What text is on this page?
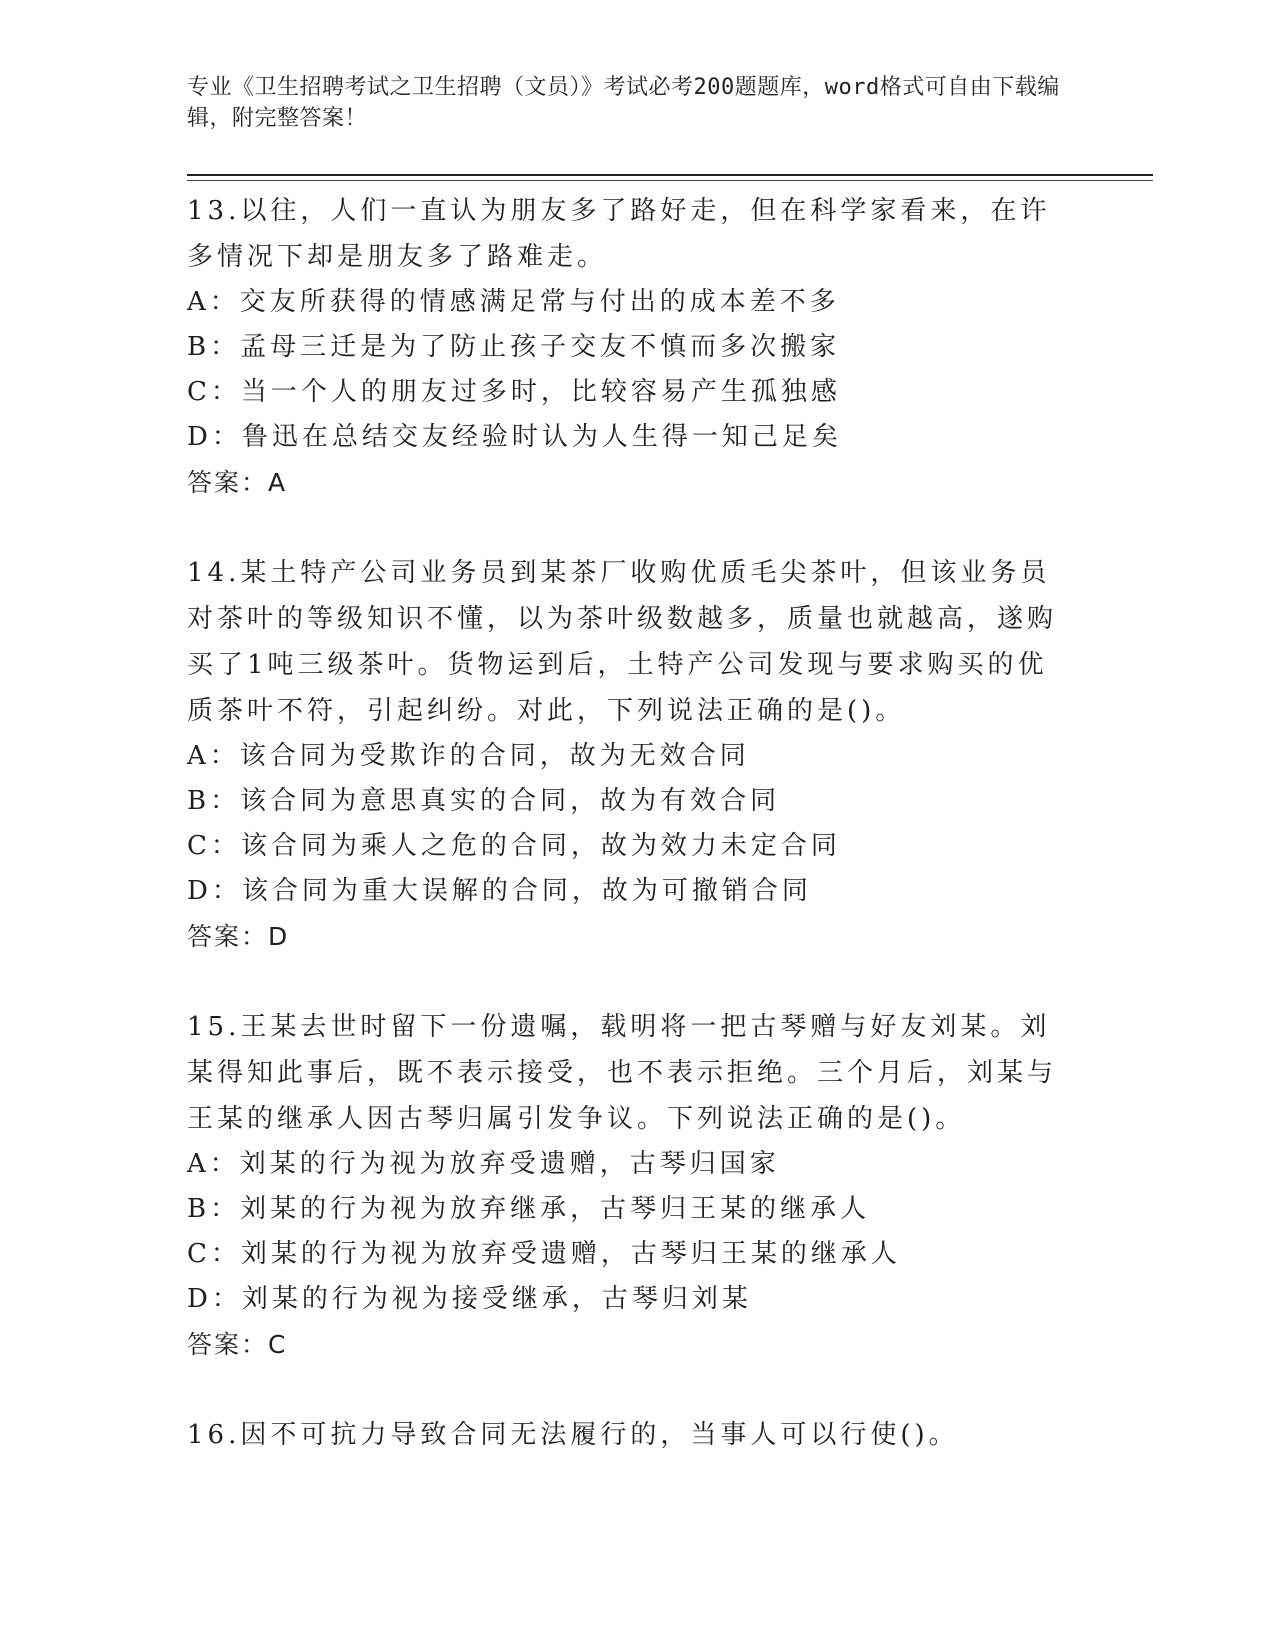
专业《卫生招聘考试之卫生招聘（文员）》考试必考200题题库，word格式可自由下载编辑，附完整答案！

13.以往，人们一直认为朋友多了路好走，但在科学家看来，在许多情况下却是朋友多了路难走。

A：交友所获得的情感满足常与付出的成本差不多

B：孟母三迁是为了防止孩子交友不慎而多次搬家

C：当一个人的朋友过多时，比较容易产生孤独感

D：鲁迅在总结交友经验时认为人生得一知己足矣

答案：A

14.某土特产公司业务员到某茶厂收购优质毛尖茶叶，但该业务员对茶叶的等级知识不懂，以为茶叶级数越多，质量也就越高，遂购买了1吨三级茶叶。货物运到后，土特产公司发现与要求购买的优质茶叶不符，引起纠纷。对此，下列说法正确的是()。

A：该合同为受欺诈的合同，故为无效合同

B：该合同为意思真实的合同，故为有效合同

C：该合同为乘人之危的合同，故为效力未定合同

D：该合同为重大误解的合同，故为可撤销合同

答案：D

15.王某去世时留下一份遗嘱，载明将一把古琴赠与好友刘某。刘某得知此事后，既不表示接受，也不表示拒绝。三个月后，刘某与王某的继承人因古琴归属引发争议。下列说法正确的是()。

A：刘某的行为视为放弃受遗赠，古琴归国家

B：刘某的行为视为放弃继承，古琴归王某的继承人

C：刘某的行为视为放弃受遗赠，古琴归王某的继承人

D：刘某的行为视为接受继承，古琴归刘某

答案：C

16.因不可抗力导致合同无法履行的，当事人可以行使()。
